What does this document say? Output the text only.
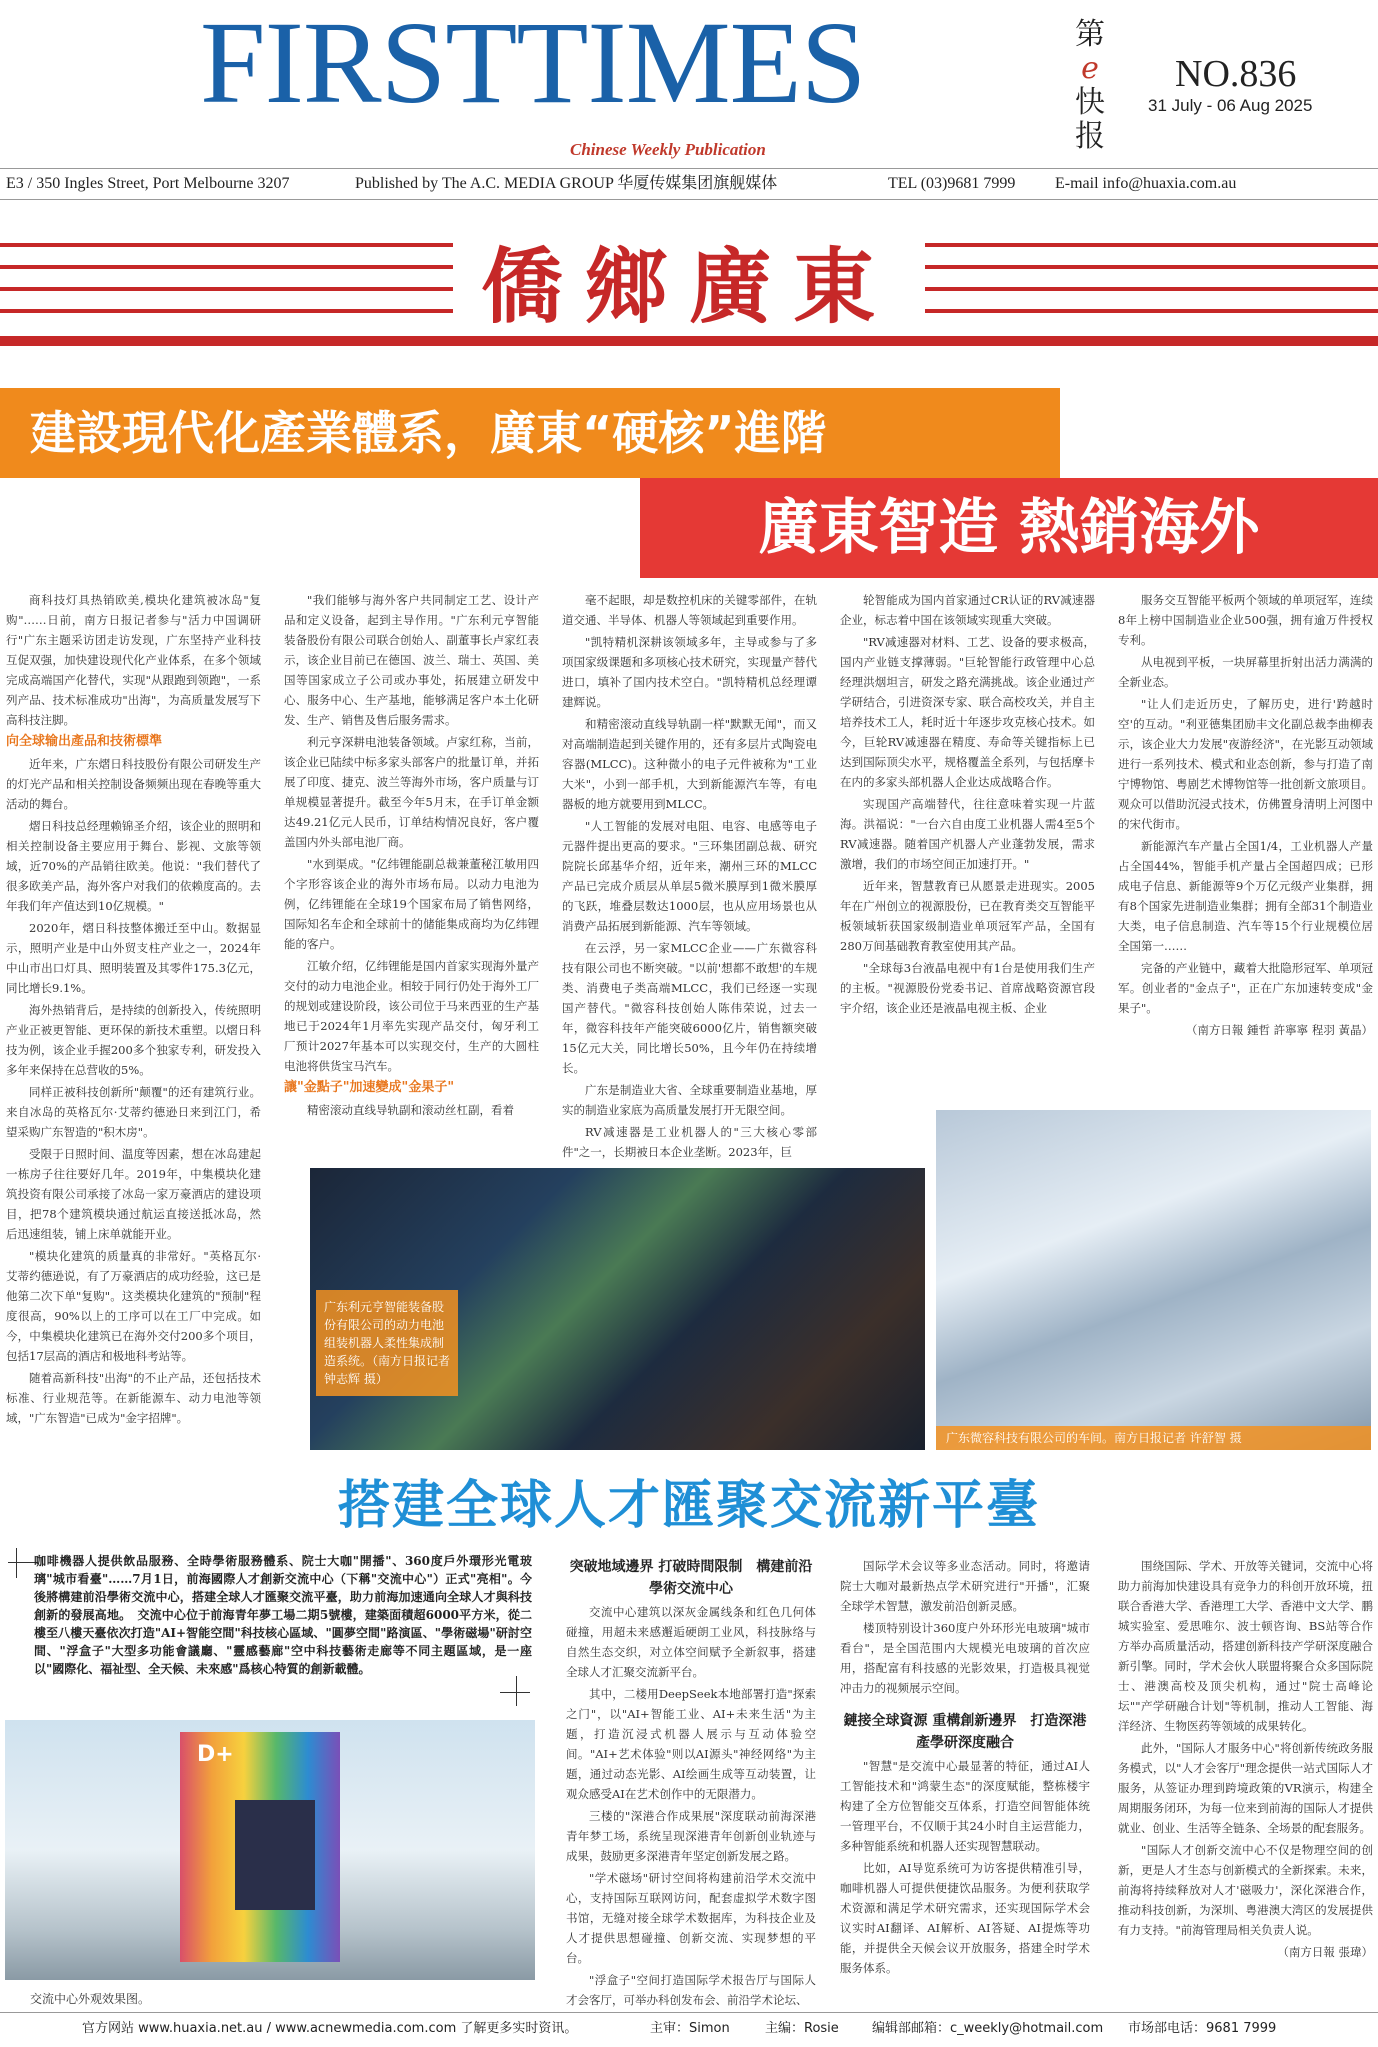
FIRSTTIMES
Chinese Weekly Publication
第
e
快
报
NO.836
31 July - 06 Aug 2025
E3 / 350 Ingles Street, Port Melbourne 3207	Published by The A.C. MEDIA GROUP 华厦传媒集团旗舰媒体	TEL (03)9681 7999 E-mail info@huaxia.com.au
僑鄉廣東
建設現代化產業體系，廣東“硬核”進階
廣東智造 熱銷海外

商科技灯具热销欧美,模块化建筑被冰岛"复购"……日前，南方日报记者参与"活力中国调研行"广东主题采访团走访发现，广东坚持产业科技互促双强，加快建设现代化产业体系，在多个领域完成高端国产化替代，实现"从跟跑到领跑"，一系列产品、技术标准成功"出海"，为高质量发展写下高科技注脚。

向全球输出產品和技術標準

近年来，广东熠日科技股份有限公司研发生产的灯光产品和相关控制设备频频出现在春晚等重大活动的舞台。

熠日科技总经理赖锦圣介绍，该企业的照明和相关控制设备主要应用于舞台、影视、文旅等领域，近70%的产品销往欧美。他说："我们替代了很多欧美产品，海外客户对我们的依赖度高的。去年我们年产值达到10亿规模。"

2020年，熠日科技整体搬迁至中山。数据显示，照明产业是中山外贸支柱产业之一，2024年中山市出口灯具、照明装置及其零件175.3亿元，同比增长9.1%。

海外热销背后，是持续的创新投入，传统照明产业正被更智能、更环保的新技术重塑。以熠日科技为例，该企业手握200多个独家专利，研发投入多年来保持在总营收的5%。

同样正被科技创新所"颠覆"的还有建筑行业。来自冰岛的英格瓦尔·艾蒂约德逊日来到江门，希望采购广东智造的"积木房"。

受限于日照时间、温度等因素，想在冰岛建起一栋房子往往要好几年。2019年，中集模块化建筑投资有限公司承接了冰岛一家万豪酒店的建设项目，把78个建筑模块通过航运直接送抵冰岛，然后迅速组装，铺上床单就能开业。

"模块化建筑的质量真的非常好。"英格瓦尔·艾蒂约德逊说，有了万豪酒店的成功经验，这已是他第二次下单"复购"。这类模块化建筑的"预制"程度很高，90%以上的工序可以在工厂中完成。如今，中集模块化建筑已在海外交付200多个项目，包括17层高的酒店和极地科考站等。

随着高新科技"出海"的不止产品，还包括技术标准、行业规范等。在新能源车、动力电池等领域，"广东智造"已成为"金字招牌"。

"我们能够与海外客户共同制定工艺、设计产品和定义设备，起到主导作用。"广东利元亨智能装备股份有限公司联合创始人、副董事长卢家红表示，该企业目前已在德国、波兰、瑞士、英国、美国等国家成立子公司或办事处，拓展建立研发中心、服务中心、生产基地，能够满足客户本土化研发、生产、销售及售后服务需求。

利元亨深耕电池装备领域。卢家红称，当前，该企业已陆续中标多家头部客户的批量订单，并拓展了印度、捷克、波兰等海外市场，客户质量与订单规模显著提升。截至今年5月末，在手订单金额达49.21亿元人民币，订单结构情况良好，客户覆盖国内外头部电池厂商。

"水到渠成。"亿纬锂能副总裁兼董秘江敏用四个字形容该企业的海外市场布局。以动力电池为例，亿纬锂能在全球19个国家布局了销售网络，国际知名车企和全球前十的储能集成商均为亿纬锂能的客户。

江敏介绍，亿纬锂能是国内首家实现海外量产交付的动力电池企业。相较于同行仍处于海外工厂的规划或建设阶段，该公司位于马来西亚的生产基地已于2024年1月率先实现产品交付，匈牙利工厂预计2027年基本可以实现交付，生产的大圆柱电池将供货宝马汽车。

讓"金點子"加速變成"金果子"

精密滚动直线导轨副和滚动丝杠副，看着

毫不起眼，却是数控机床的关键零部件，在轨道交通、半导体、机器人等领域起到重要作用。

"凯特精机深耕该领域多年，主导或参与了多项国家级课题和多项核心技术研究，实现量产替代进口，填补了国内技术空白。"凯特精机总经理谭建辉说。

和精密滚动直线导轨副一样"默默无闻"，而又对高端制造起到关键作用的，还有多层片式陶瓷电容器(MLCC)。这种微小的电子元件被称为"工业大米"，小到一部手机，大到新能源汽车等，有电器板的地方就要用到MLCC。

"人工智能的发展对电阻、电容、电感等电子元器件提出更高的要求。"三环集团副总裁、研究院院长邱基华介绍，近年来，潮州三环的MLCC产品已完成介质层从单层5微米膜厚到1微米膜厚的飞跃，堆叠层数达1000层，也从应用场景也从消费产品拓展到新能源、汽车等领域。

在云浮，另一家MLCC企业——广东微容科技有限公司也不断突破。"以前'想都不敢想'的车规类、消费电子类高端MLCC，我们已经逐一实现国产替代。"微容科技创始人陈伟荣说，过去一年，微容科技年产能突破6000亿片，销售额突破15亿元大关，同比增长50%，且今年仍在持续增长。

广东是制造业大省、全球重要制造业基地，厚实的制造业家底为高质量发展打开无限空间。

RV减速器是工业机器人的"三大核心零部件"之一，长期被日本企业垄断。2023年，巨

轮智能成为国内首家通过CR认证的RV减速器企业，标志着中国在该领域实现重大突破。

"RV减速器对材料、工艺、设备的要求极高，国内产业链支撑薄弱。"巨轮智能行政管理中心总经理洪烟坦言，研发之路充满挑战。该企业通过产学研结合，引进资深专家、联合高校攻关，并自主培养技术工人，耗时近十年逐步攻克核心技术。如今，巨轮RV减速器在精度、寿命等关键指标上已达到国际顶尖水平，规格覆盖全系列，与包括摩卡在内的多家头部机器人企业达成战略合作。

实现国产高端替代，往往意味着实现一片蓝海。洪福说："一台六自由度工业机器人需4至5个RV减速器。随着国产机器人产业蓬勃发展，需求激增，我们的市场空间正加速打开。"

近年来，智慧教育已从愿景走进现实。2005年在广州创立的视源股份，已在教育类交互智能平板领域斩获国家级制造业单项冠军产品，全国有280万间基础教育教室使用其产品。

"全球每3台液晶电视中有1台是使用我们生产的主板。"视源股份党委书记、首席战略资源官段宇介绍，该企业还是液晶电视主板、企业

服务交互智能平板两个领域的单项冠军，连续8年上榜中国制造业企业500强，拥有逾万件授权专利。

从电视到平板，一块屏幕里折射出活力满满的全新业态。

"让人们走近历史，了解历史，进行'跨越时空'的互动。"利亚德集团励丰文化副总裁李曲柳表示，该企业大力发展"夜游经济"，在光影互动领域进行一系列技术、模式和业态创新，参与打造了南宁博物馆、粤剧艺术博物馆等一批创新文旅项目。观众可以借助沉浸式技术，仿佛置身清明上河图中的宋代街市。

新能源汽车产量占全国1/4，工业机器人产量占全国44%，智能手机产量占全国超四成；已形成电子信息、新能源等9个万亿元级产业集群，拥有8个国家先进制造业集群；拥有全部31个制造业大类，电子信息制造、汽车等15个行业规模位居全国第一……

完备的产业链中，藏着大批隐形冠军、单项冠军。创业者的"金点子"，正在广东加速转变成"金果子"。

（南方日報 鍾哲 許寧寧 程羽 黃晶）

广东微容科技有限公司的车间。南方日报记者 许舒智 摄
广东利元亨智能装备股份有限公司的动力电池组装机器人柔性集成制造系统。（南方日报记者钟志辉 摄）
搭建全球人才匯聚交流新平臺
咖啡機器人提供飲品服務、全時學術服務體系、院士大咖"開播"、360度戶外環形光電玻璃"城市看臺"……7月1日，前海國際人才創新交流中心（下稱"交流中心"）正式"亮相"。今後將構建前沿學術交流中心，搭建全球人才匯聚交流平臺，助力前海加速通向全球人才與科技創新的發展高地。　交流中心位于前海青年夢工場二期5號樓，建築面積超6000平方米，從二樓至八樓天臺依次打造"AI+智能空間"科技核心區域、"圓夢空間"路演區、"學術磁場"研討空間、"浮盒子"大型多功能會議廳、"靈感藝廊"空中科技藝術走廊等不同主題區域，是一座以"國際化、福祉型、全天候、未來感"爲核心特質的創新載體。
D+
交流中心外观效果图。

突破地域邊界 打破時間限制　構建前沿學術交流中心

交流中心建筑以深灰金属线条和红色几何体碰撞，用超未来感邂逅硬朗工业风，科技脉络与自然生态交织，对立体空间赋予全新叙事，搭建全球人才汇聚交流新平台。

其中，二楼用DeepSeek本地部署打造"探索之门"，以"AI+智能工业、AI+未来生活"为主题，打造沉浸式机器人展示与互动体验空间。"AI+艺术体验"则以AI源头"神经网络"为主题，通过动态光影、AI绘画生成等互动装置，让观众感受AI在艺术创作中的无限潜力。

三楼的"深港合作成果展"深度联动前海深港青年梦工场，系统呈现深港青年创新创业轨迹与成果，鼓励更多深港青年坚定创新发展之路。

"学术磁场"研讨空间将构建前沿学术交流中心，支持国际互联网访问，配套虚拟学术数字图书馆，无缝对接全球学术数据库，为科技企业及人才提供思想碰撞、创新交流、实现梦想的平台。

"浮盒子"空间打造国际学术报告厅与国际人才会客厅，可举办科创发布会、前沿学术论坛、

国际学术会议等多业态活动。同时，将邀请院士大咖对最新热点学术研究进行"开播"，汇聚全球学术智慧，激发前沿创新灵感。

楼顶特别设计360度户外环形光电玻璃"城市看台"，是全国范围内大规模光电玻璃的首次应用，搭配富有科技感的光影效果，打造极具视觉冲击力的视频展示空间。

鏈接全球資源 重構創新邊界　打造深港產學研深度融合

"智慧"是交流中心最显著的特征，通过AI人工智能技术和"鸿蒙生态"的深度赋能，整栋楼宇构建了全方位智能交互体系，打造空间智能体统一管理平台，不仅顺于其24小时自主运营能力，多种智能系统和机器人还实现智慧联动。

比如，AI导览系统可为访客提供精准引导，咖啡机器人可提供便捷饮品服务。为便利获取学术资源和满足学术研究需求，还实现国际学术会议实时AI翻译、AI解析、AI答疑、AI提炼等功能，并提供全天候会议开放服务，搭建全时学术服务体系。

围绕国际、学术、开放等关键词，交流中心将助力前海加快建设具有竞争力的科创开放环境，扭联合香港大学、香港理工大学、香港中文大学、鹏城实验室、爱思唯尔、波士顿咨询、BS站等合作方举办高质量活动，搭建创新科技产学研深度融合新引擎。同时，学术会伙人联盟将聚合众多国际院士、港澳高校及顶尖机构，通过"院士高峰论坛""产学研融合计划"等机制，推动人工智能、海洋经济、生物医药等领域的成果转化。

此外，"国际人才服务中心"将创新传统政务服务模式，以"人才会客厅"理念提供一站式国际人才服务，从签证办理到跨境政策的VR演示，构建全周期服务闭环，为每一位来到前海的国际人才提供就业、创业、生活等全链条、全场景的配套服务。

"国际人才创新交流中心不仅是物理空间的创新，更是人才生态与创新模式的全新探索。未来，前海将持续释放对人才'磁吸力'，深化深港合作，推动科技创新，为深圳、粤港澳大湾区的发展提供有力支持。"前海管理局相关负责人说。

（南方日報 張瑋）

官方网站 www.huaxia.net.au / www.acnewmedia.com.com 了解更多实时资讯。	主审：Simon	主编：Rosie	编辑部邮箱：c_weekly@hotmail.com 市场部电话：9681 7999
